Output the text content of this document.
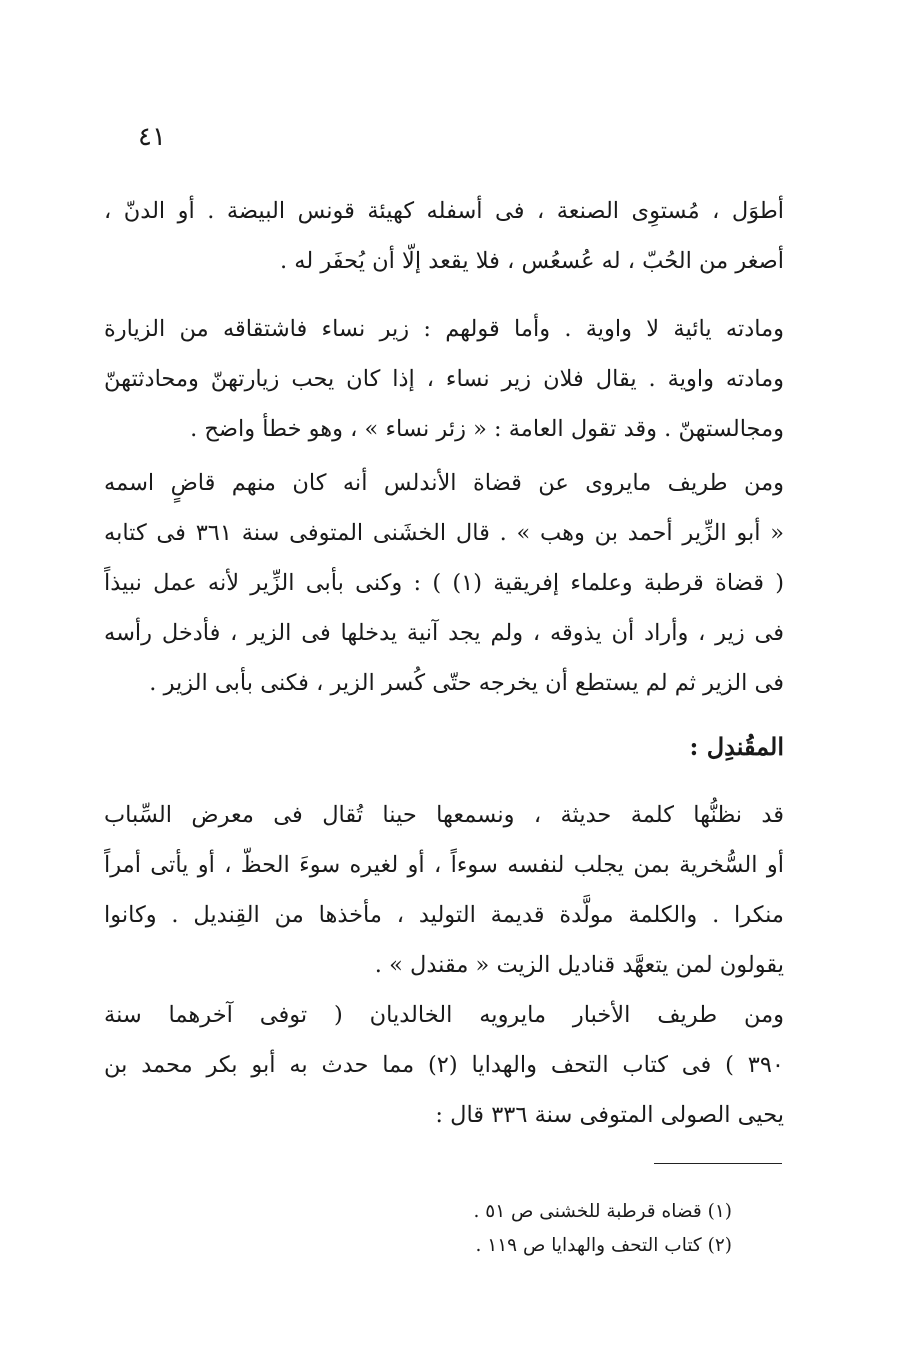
٤١
أطوَل ، مُستوِى الصنعة ، فى أسفله كهيئة قونس البيضة . أو الدنّ ،
أصغر من الحُبّ ، له عُسعُس ، فلا يقعد إلّا أن يُحفَر له .
ومادته يائية لا واوية . وأما قولهم : زير نساء فاشتقاقه من الزيارة
ومادته واوية . يقال فلان زير نساء ، إذا كان يحب زيارتهنّ ومحادثتهنّ
ومجالستهنّ . وقد تقول العامة : « زئر نساء » ، وهو خطأ واضح .
ومن طريف مايروى عن قضاة الأندلس أنه كان منهم قاضٍ اسمه
« أبو الزِّير أحمد بن وهب » . قال الخشَنى المتوفى سنة ٣٦١ فى كتابه
( قضاة قرطبة وعلماء إفريقية (١) ) : وكنى بأبى الزِّير لأنه عمل نبيذاً
فى زير ، وأراد أن يذوقه ، ولم يجد آنية يدخلها فى الزير ، فأدخل رأسه
فى الزير ثم لم يستطع أن يخرجه حتّى كُسر الزير ، فكنى بأبى الزير .
المقُندِل :
قد نظنُّها كلمة حديثة ، ونسمعها حينا تُقال فى معرض السِّباب
أو السُّخرية بمن يجلب لنفسه سوءاً ، أو لغيره سوءَ الحظّ ، أو يأتى أمراً
منكرا . والكلمة مولَّدة قديمة التوليد ، مأخذها من القِنديل . وكانوا
يقولون لمن يتعهَّد قناديل الزيت « مقندل » .
ومن طريف الأخبار مايرويه الخالديان ( توفى آخرهما سنة
٣٩٠ ) فى كتاب التحف والهدايا (٢) مما حدث به أبو بكر محمد بن
يحيى الصولى المتوفى سنة ٣٣٦ قال :
(١) قضاه قرطبة للخشنى ص ٥١ .
(٢) كتاب التحف والهدايا ص ١١٩ .
